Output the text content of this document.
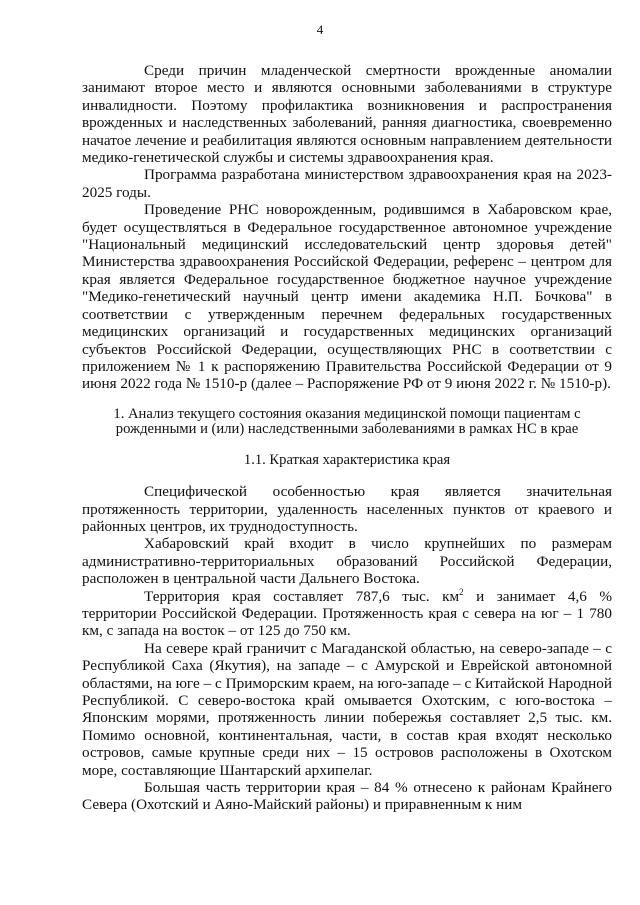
4

Среди причин младенческой смертности врожденные аномалии занимают второе место и являются основными заболеваниями в структуре инвалидности. Поэтому профилактика возникновения и распространения врожденных и наследственных заболеваний, ранняя диагностика, своевременно начатое лечение и реабилитация являются основным направлением деятельности медико-генетической службы и системы здравоохранения края.

Программа разработана министерством здравоохранения края на 2023-2025 годы.

Проведение РНС новорожденным, родившимся в Хабаровском крае, будет осуществляться в Федеральное государственное автономное учреждение "Национальный медицинский исследовательский центр здоровья детей" Министерства здравоохранения Российской Федерации, референс – центром для края является Федеральное государственное бюджетное научное учреждение "Медико-генетический научный центр имени академика Н.П. Бочкова" в соответствии с утвержденным перечнем федеральных государственных медицинских организаций и государственных медицинских организаций субъектов Российской Федерации, осуществляющих РНС в соответствии с приложением № 1 к распоряжению Правительства Российской Федерации от 9 июня 2022 года № 1510-р (далее – Распоряжение РФ от 9 июня 2022 г. № 1510-р).

1. Анализ текущего состояния оказания медицинской помощи пациентам с рожденными и (или) наследственными заболеваниями в рамках НС в крае

1.1. Краткая характеристика края

Специфической особенностью края является значительная протяженность территории, удаленность населенных пунктов от краевого и районных центров, их труднодоступность.

Хабаровский край входит в число крупнейших по размерам административно-территориальных образований Российской Федерации, расположен в центральной части Дальнего Востока.

Территория края составляет 787,6 тыс. $км^2$ и занимает 4,6 % территории Российской Федерации. Протяженность края с севера на юг – 1 780 км, с запада на восток – от 125 до 750 км.

На севере край граничит с Магаданской областью, на северо-западе – с Республикой Саха (Якутия), на западе – с Амурской и Еврейской автономной областями, на юге – с Приморским краем, на юго-западе – с Китайской Народной Республикой. С северо-востока край омывается Охотским, с юго-востока – Японским морями, протяженность линии побережья составляет 2,5 тыс. км. Помимо основной, континентальная, части, в состав края входят несколько островов, самые крупные среди них – 15 островов расположены в Охотском море, составляющие Шантарский архипелаг.

Большая часть территории края – 84 % отнесено к районам Крайнего Севера (Охотский и Аяно-Майский районы) и приравненным к ним
